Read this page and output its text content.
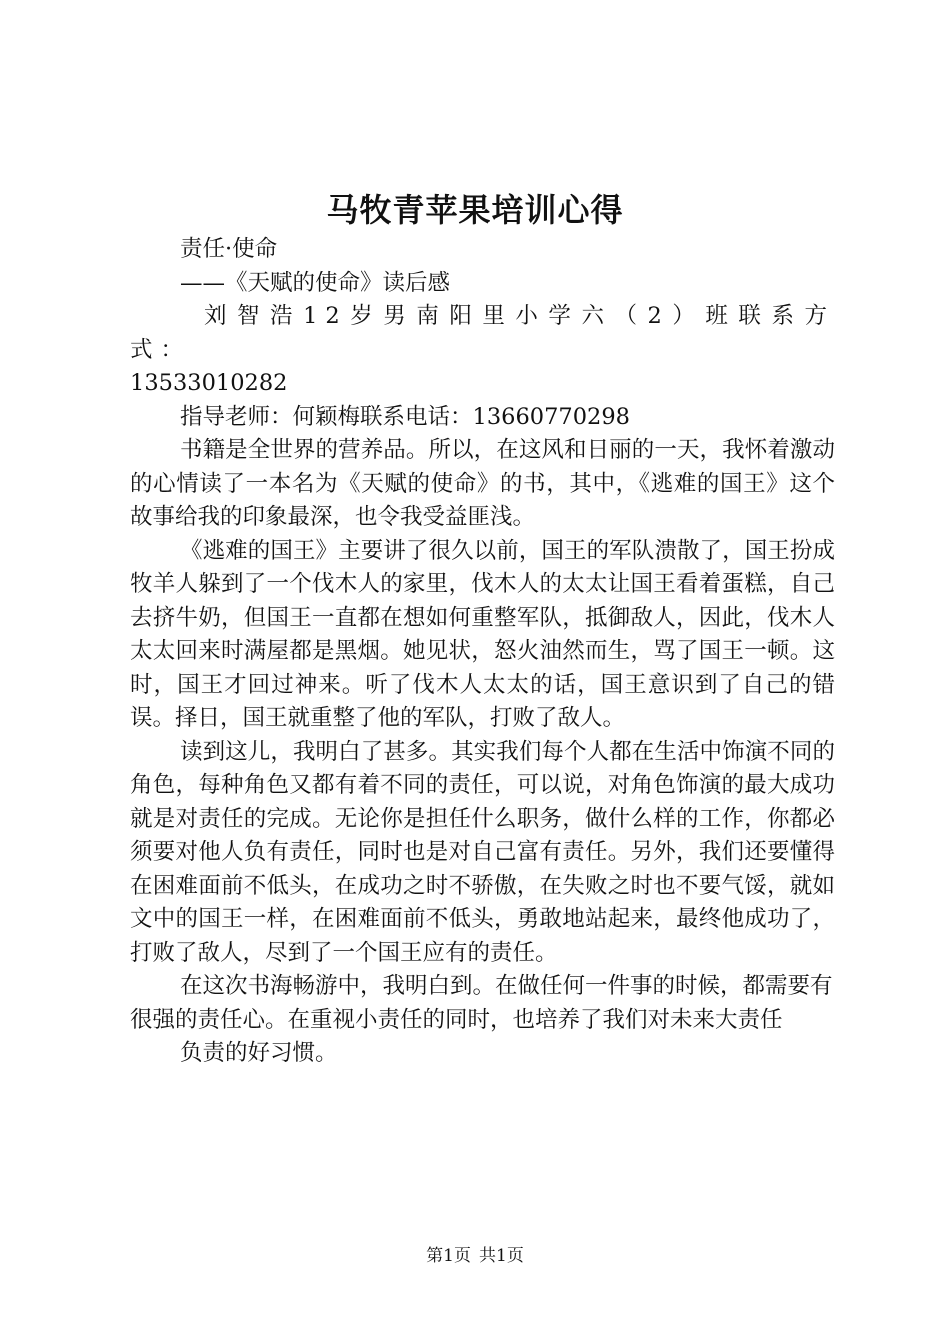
马牧青苹果培训心得

责任·使命

——《天赋的使命》读后感

刘智浩12岁男南阳里小学六（2）班联系方式：

13533010282

指导老师：何颖梅联系电话：13660770298

书籍是全世界的营养品。所以，在这风和日丽的一天，我怀着激动的心情读了一本名为《天赋的使命》的书，其中，《逃难的国王》这个故事给我的印象最深，也令我受益匪浅。

《逃难的国王》主要讲了很久以前，国王的军队溃散了，国王扮成牧羊人躲到了一个伐木人的家里，伐木人的太太让国王看着蛋糕，自己去挤牛奶，但国王一直都在想如何重整军队，抵御敌人，因此，伐木人太太回来时满屋都是黑烟。她见状，怒火油然而生，骂了国王一顿。这时，国王才回过神来。听了伐木人太太的话，国王意识到了自己的错误。择日，国王就重整了他的军队，打败了敌人。

读到这儿，我明白了甚多。其实我们每个人都在生活中饰演不同的角色，每种角色又都有着不同的责任，可以说，对角色饰演的最大成功就是对责任的完成。无论你是担任什么职务，做什么样的工作，你都必须要对他人负有责任，同时也是对自己富有责任。另外，我们还要懂得在困难面前不低头，在成功之时不骄傲，在失败之时也不要气馁，就如文中的国王一样，在困难面前不低头，勇敢地站起来，最终他成功了，打败了敌人，尽到了一个国王应有的责任。

在这次书海畅游中，我明白到。在做任何一件事的时候，都需要有很强的责任心。在重视小责任的同时，也培养了我们对未来大责任

负责的好习惯。

第1页 共1页
